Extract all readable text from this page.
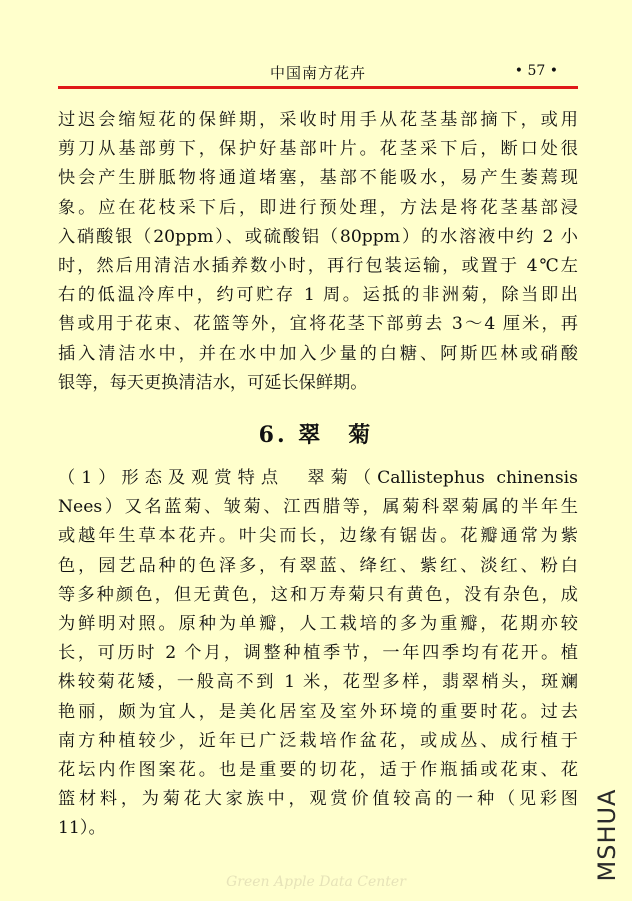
中国南方花卉	• 57 •
过迟会缩短花的保鲜期，采收时用手从花茎基部摘下，或用
剪刀从基部剪下，保护好基部叶片。花茎采下后，断口处很
快会产生胼胝物将通道堵塞，基部不能吸水，易产生萎蔫现
象。应在花枝采下后，即进行预处理，方法是将花茎基部浸
入硝酸银（20ppm）、或硫酸铝（80ppm）的水溶液中约 2 小
时，然后用清洁水插养数小时，再行包装运输，或置于 4℃左
右的低温冷库中，约可贮存 1 周。运抵的非洲菊，除当即出
售或用于花束、花篮等外，宜将花茎下部剪去 3～4 厘米，再
插入清洁水中，并在水中加入少量的白糖、阿斯匹林或硝酸
银等，每天更换清洁水，可延长保鲜期。
6. 翠　菊
（1）形态及观赏特点　翠菊（Callistephus chinensis
Nees）又名蓝菊、皱菊、江西腊等，属菊科翠菊属的半年生
或越年生草本花卉。叶尖而长，边缘有锯齿。花瓣通常为紫
色，园艺品种的色泽多，有翠蓝、绛红、紫红、淡红、粉白
等多种颜色，但无黄色，这和万寿菊只有黄色，没有杂色，成
为鲜明对照。原种为单瓣，人工栽培的多为重瓣，花期亦较
长，可历时 2 个月，调整种植季节，一年四季均有花开。植
株较菊花矮，一般高不到 1 米，花型多样，翡翠梢头，斑斓
艳丽，颇为宜人，是美化居室及室外环境的重要时花。过去
南方种植较少，近年已广泛栽培作盆花，或成丛、成行植于
花坛内作图案花。也是重要的切花，适于作瓶插或花束、花
篮材料，为菊花大家族中，观赏价值较高的一种（见彩图
11）。	MSHUA
Green Apple Data Center
